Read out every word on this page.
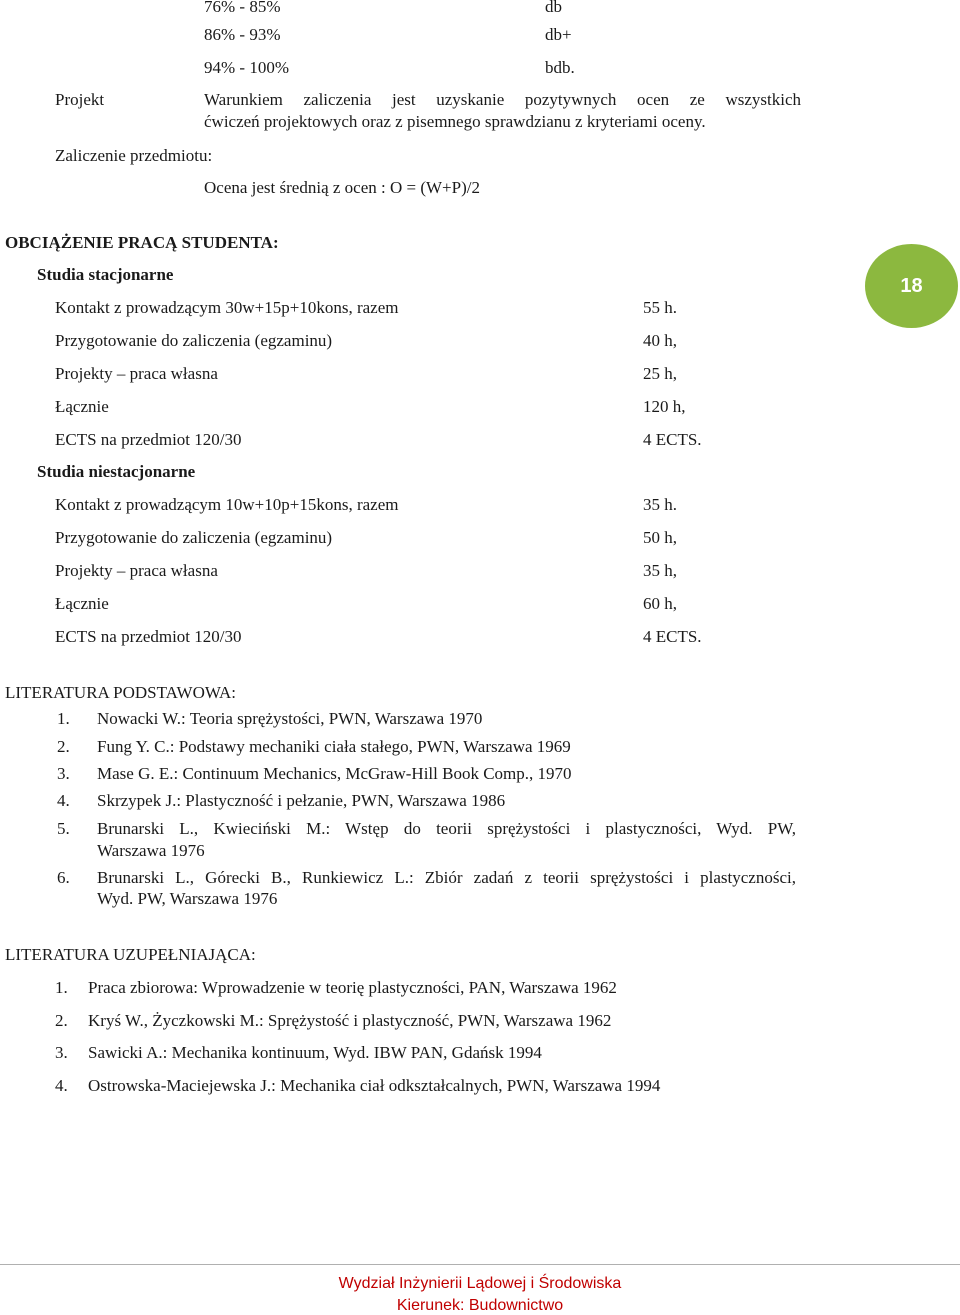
76% - 85%	db
86% - 93%	db+
94% - 100%	bdb.
Projekt	Warunkiem zaliczenia jest uzyskanie pozytywnych ocen ze wszystkich
ćwiczeń projektowych oraz z pisemnego sprawdzianu z kryteriami oceny.
Zaliczenie przedmiotu:
Ocena jest średnią z ocen : O = (W+P)/2
OBCIĄŻENIE PRACĄ STUDENTA:
Studia stacjonarne
Kontakt z prowadzącym 30w+15p+10kons, razem	55 h.
Przygotowanie do zaliczenia (egzaminu)	40 h,
Projekty – praca własna	25 h,
Łącznie	120 h,
ECTS na przedmiot 120/30	4 ECTS.
Studia niestacjonarne
Kontakt z prowadzącym 10w+10p+15kons, razem	35 h.
Przygotowanie do zaliczenia (egzaminu)	50 h,
Projekty – praca własna	35 h,
Łącznie	60 h,
ECTS na przedmiot 120/30	4 ECTS.
18
LITERATURA PODSTAWOWA:
1. Nowacki W.: Teoria sprężystości, PWN, Warszawa 1970
2. Fung Y. C.: Podstawy mechaniki ciała stałego, PWN, Warszawa 1969
3. Mase G. E.: Continuum Mechanics, McGraw-Hill Book Comp., 1970
4. Skrzypek J.: Plastyczność i pełzanie, PWN, Warszawa 1986
5. Brunarski L., Kwieciński M.: Wstęp do teorii sprężystości i plastyczności, Wyd. PW,
Warszawa 1976
6. Brunarski L., Górecki B., Runkiewicz L.: Zbiór zadań z teorii sprężystości i plastyczności,
Wyd. PW, Warszawa 1976
LITERATURA UZUPEŁNIAJĄCA:
1. Praca zbiorowa: Wprowadzenie w teorię plastyczności, PAN, Warszawa 1962
2. Kryś W., Życzkowski M.: Sprężystość i plastyczność, PWN, Warszawa 1962
3. Sawicki A.: Mechanika kontinuum, Wyd. IBW PAN, Gdańsk 1994
4. Ostrowska-Maciejewska J.: Mechanika ciał odkształcalnych, PWN, Warszawa 1994
Wydział Inżynierii Lądowej i Środowiska
Kierunek: Budownictwo
